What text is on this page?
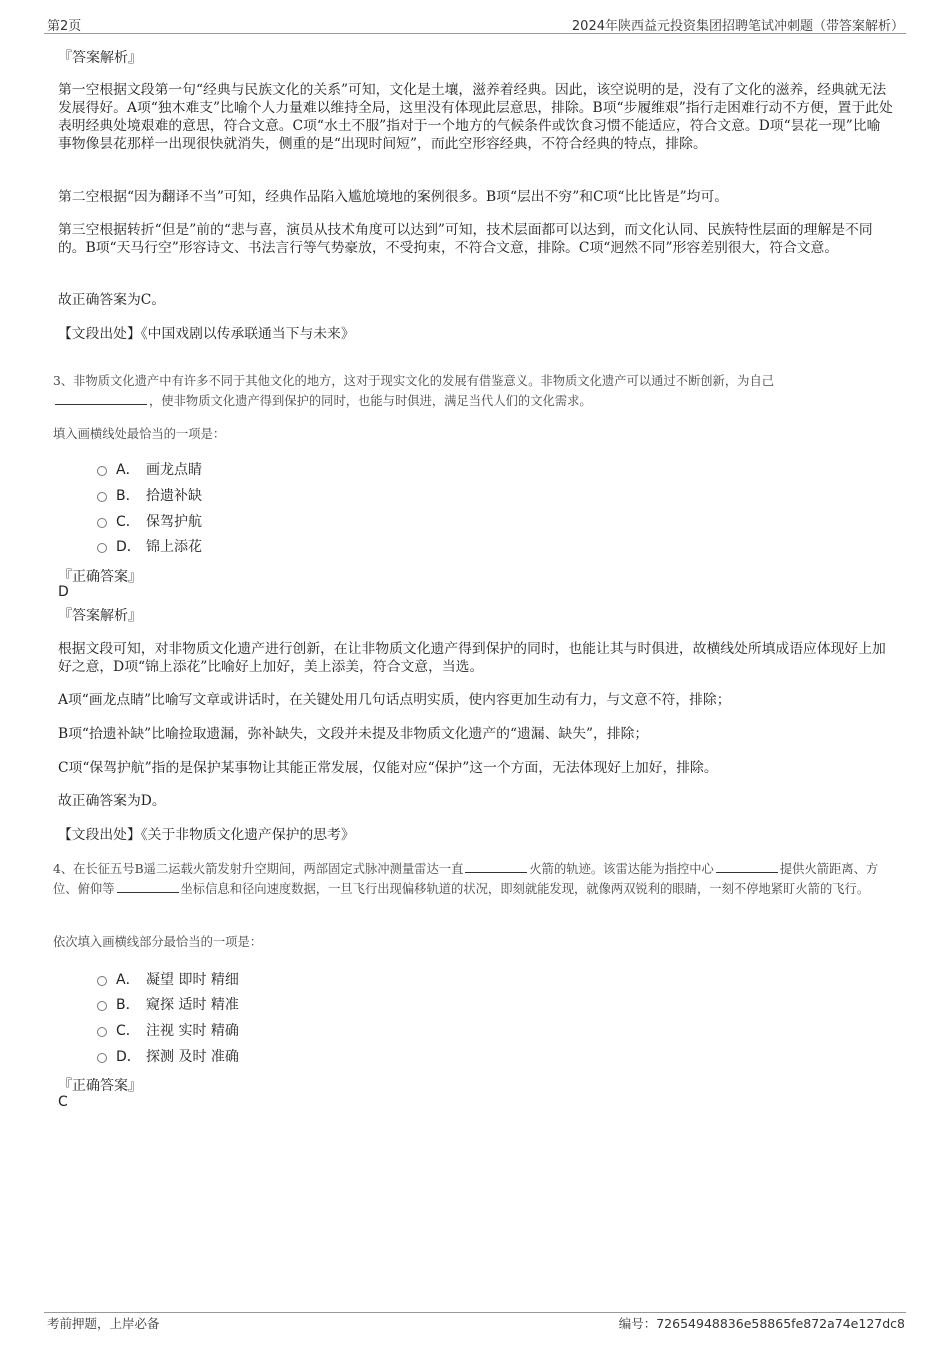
第2页	2024年陕西益元投资集团招聘笔试冲刺题（带答案解析）
『答案解析』

第一空根据文段第一句“经典与民族文化的关系”可知，文化是土壤，滋养着经典。因此，该空说明的是，没有了文化的滋养，经典就无法发展得好。A项“独木难支”比喻个人力量难以维持全局，这里没有体现此层意思，排除。B项“步履维艰”指行走困难行动不方便，置于此处表明经典处境艰难的意思，符合文意。C项“水土不服”指对于一个地方的气候条件或饮食习惯不能适应，符合文意。D项“昙花一现”比喻事物像昙花那样一出现很快就消失，侧重的是“出现时间短”，而此空形容经典，不符合经典的特点，排除。

第二空根据“因为翻译不当”可知，经典作品陷入尴尬境地的案例很多。B项“层出不穷”和C项“比比皆是”均可。

第三空根据转折“但是”前的“悲与喜，演员从技术角度可以达到”可知，技术层面都可以达到，而文化认同、民族特性层面的理解是不同的。B项“天马行空”形容诗文、书法言行等气势豪放，不受拘束，不符合文意，排除。C项“迥然不同”形容差别很大，符合文意。

故正确答案为C。

【文段出处】《中国戏剧以传承联通当下与未来》

3、非物质文化遗产中有许多不同于其他文化的地方，这对于现实文化的发展有借鉴意义。非物质文化遗产可以通过不断创新，为自己
，使非物质文化遗产得到保护的同时，也能与时俱进，满足当代人们的文化需求。

填入画横线处最恰当的一项是：

A． 画龙点睛
B． 拾遗补缺
C． 保驾护航
D． 锦上添花
『正确答案』
D
『答案解析』

根据文段可知，对非物质文化遗产进行创新，在让非物质文化遗产得到保护的同时，也能让其与时俱进，故横线处所填成语应体现好上加好之意，D项“锦上添花”比喻好上加好，美上添美，符合文意，当选。

A项“画龙点睛”比喻写文章或讲话时，在关键处用几句话点明实质，使内容更加生动有力，与文意不符，排除；

B项“拾遗补缺”比喻捡取遗漏，弥补缺失，文段并未提及非物质文化遗产的“遗漏、缺失”，排除；

C项“保驾护航”指的是保护某事物让其能正常发展，仅能对应“保护”这一个方面，无法体现好上加好，排除。

故正确答案为D。

【文段出处】《关于非物质文化遗产保护的思考》

4、在长征五号B遥二运载火箭发射升空期间，两部固定式脉冲测量雷达一直	火箭的轨迹。该雷达能为指控中心	提供火箭距离、方位、俯仰等	坐标信息和径向速度数据，一旦飞行出现偏移轨道的状况，即刻就能发现，就像两双锐利的眼睛，一刻不停地紧盯火箭的飞行。

依次填入画横线部分最恰当的一项是：

A． 凝望 即时 精细
B． 窥探 适时 精准
C． 注视 实时 精确
D． 探测 及时 准确
『正确答案』
C
考前押题，上岸必备	编号：72654948836e58865fe872a74e127dc8
